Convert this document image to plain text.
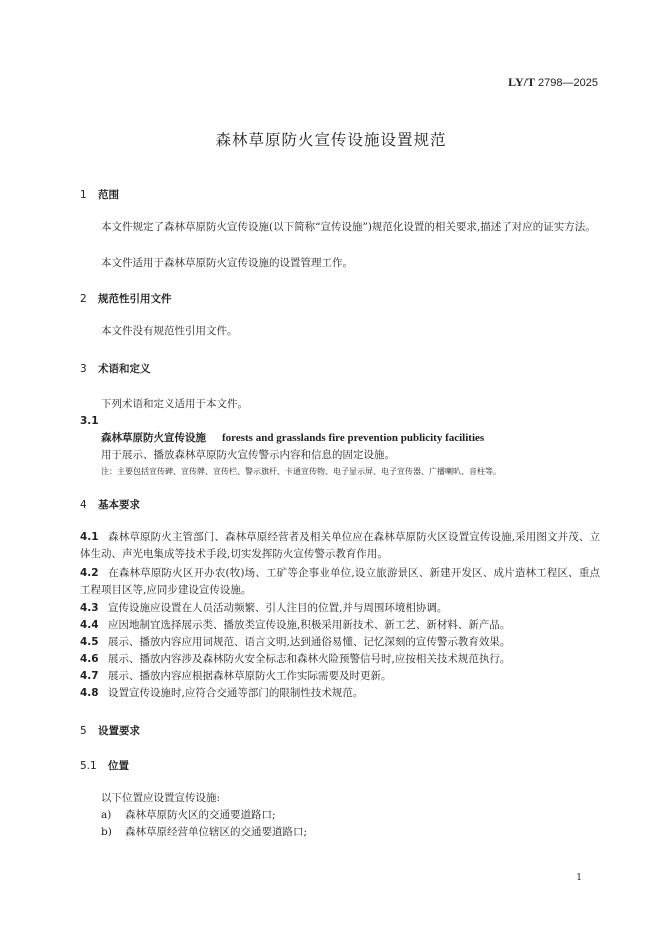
LY/T 2798—2025
森林草原防火宣传设施设置规范
1 范围
本文件规定了森林草原防火宣传设施(以下简称“宣传设施”)规范化设置的相关要求,描述了对应的证实方法。
本文件适用于森林草原防火宣传设施的设置管理工作。
2 规范性引用文件
本文件没有规范性引用文件。
3 术语和定义
下列术语和定义适用于本文件。
3.1
森林草原防火宣传设施 forests and grasslands fire prevention publicity facilities
用于展示、播放森林草原防火宣传警示内容和信息的固定设施。
注：主要包括宣传碑、宣传牌、宣传栏、警示旗杆、卡通宣传物、电子显示屏、电子宣传器、广播喇叭、音柱等。
4 基本要求
4.1 森林草原防火主管部门、森林草原经营者及相关单位应在森林草原防火区设置宣传设施,采用图文并茂、立体生动、声光电集成等技术手段,切实发挥防火宣传警示教育作用。
4.2 在森林草原防火区开办农(牧)场、工矿等企事业单位,设立旅游景区、新建开发区、成片造林工程区、重点工程项目区等,应同步建设宣传设施。
4.3 宣传设施应设置在人员活动频繁、引人注目的位置,并与周围环境相协调。
4.4 应因地制宜选择展示类、播放类宣传设施,积极采用新技术、新工艺、新材料、新产品。
4.5 展示、播放内容应用词规范、语言文明,达到通俗易懂、记忆深刻的宣传警示教育效果。
4.6 展示、播放内容涉及森林防火安全标志和森林火险预警信号时,应按相关技术规范执行。
4.7 展示、播放内容应根据森林草原防火工作实际需要及时更新。
4.8 设置宣传设施时,应符合交通等部门的限制性技术规范。
5 设置要求
5.1 位置
以下位置应设置宣传设施:
a) 森林草原防火区的交通要道路口;
b) 森林草原经营单位辖区的交通要道路口;
1
